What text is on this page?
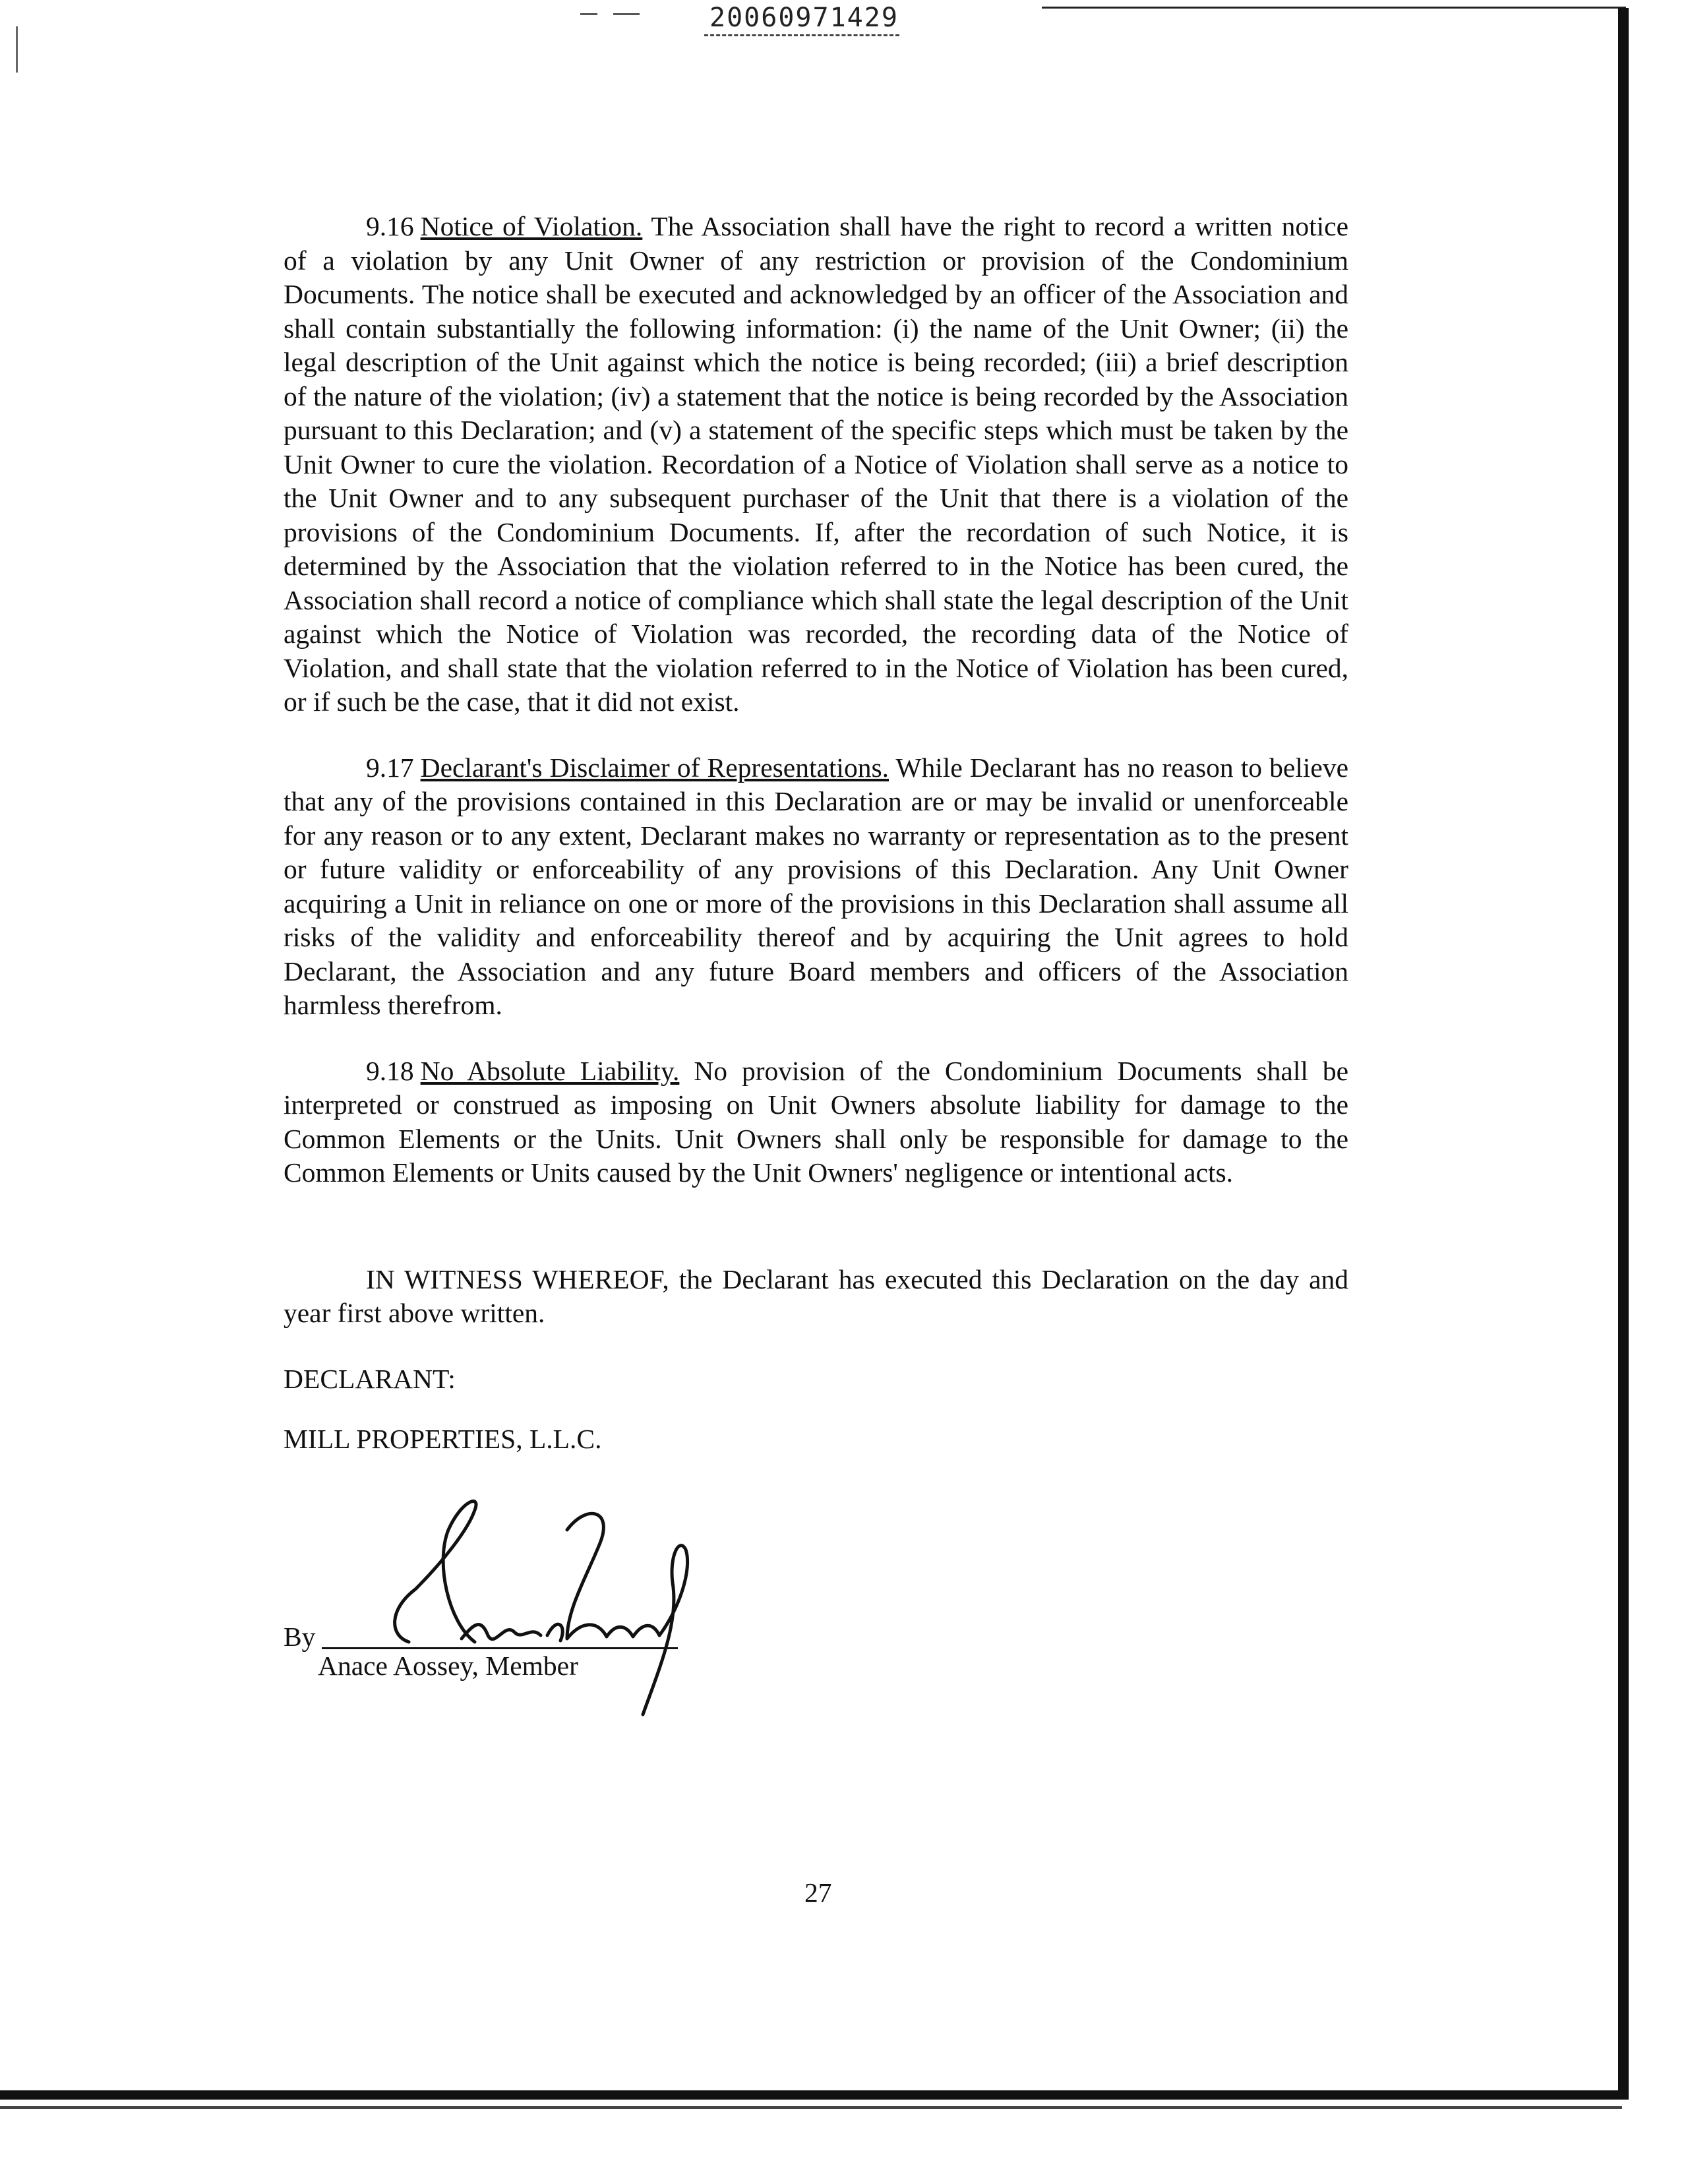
20060971429

9.16 Notice of Violation. The Association shall have the right to record a written notice of a violation by any Unit Owner of any restriction or provision of the Condominium Documents. The notice shall be executed and acknowledged by an officer of the Association and shall contain substantially the following information: (i) the name of the Unit Owner; (ii) the legal description of the Unit against which the notice is being recorded; (iii) a brief description of the nature of the violation; (iv) a statement that the notice is being recorded by the Association pursuant to this Declaration; and (v) a statement of the specific steps which must be taken by the Unit Owner to cure the violation. Recordation of a Notice of Violation shall serve as a notice to the Unit Owner and to any subsequent purchaser of the Unit that there is a violation of the provisions of the Condominium Documents. If, after the recordation of such Notice, it is determined by the Association that the violation referred to in the Notice has been cured, the Association shall record a notice of compliance which shall state the legal description of the Unit against which the Notice of Violation was recorded, the recording data of the Notice of Violation, and shall state that the violation referred to in the Notice of Violation has been cured, or if such be the case, that it did not exist.

9.17 Declarant's Disclaimer of Representations. While Declarant has no reason to believe that any of the provisions contained in this Declaration are or may be invalid or unenforceable for any reason or to any extent, Declarant makes no warranty or representation as to the present or future validity or enforceability of any provisions of this Declaration. Any Unit Owner acquiring a Unit in reliance on one or more of the provisions in this Declaration shall assume all risks of the validity and enforceability thereof and by acquiring the Unit agrees to hold Declarant, the Association and any future Board members and officers of the Association harmless therefrom.

9.18 No Absolute Liability. No provision of the Condominium Documents shall be interpreted or construed as imposing on Unit Owners absolute liability for damage to the Common Elements or the Units. Unit Owners shall only be responsible for damage to the Common Elements or Units caused by the Unit Owners' negligence or intentional acts.

IN WITNESS WHEREOF, the Declarant has executed this Declaration on the day and year first above written.

DECLARANT:

MILL PROPERTIES, L.L.C.

By
Anace Aossey, Member
27
